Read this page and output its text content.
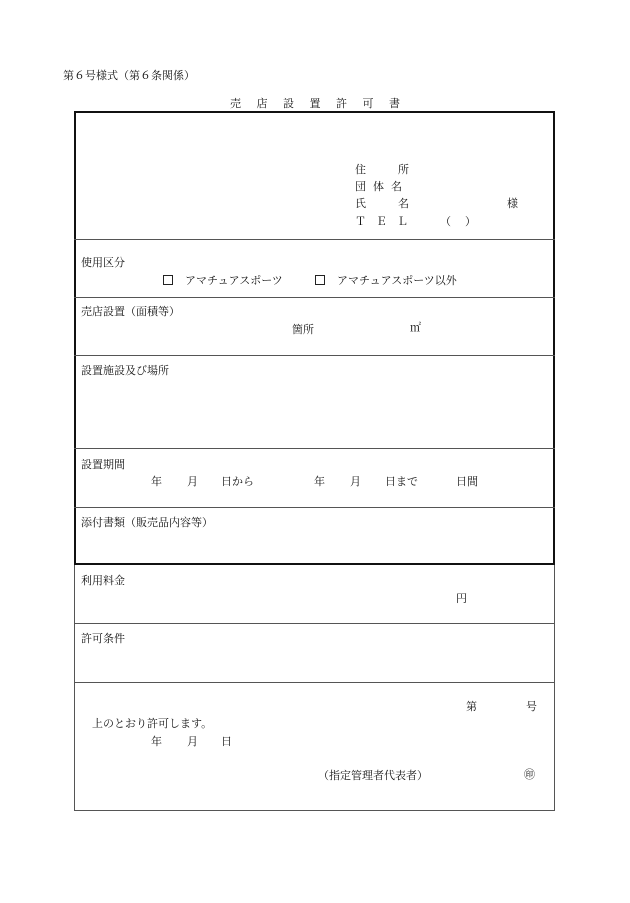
第６号様式（第６条関係）
売 店 設 置 許 可 書
住	所
団 体 名
氏	名	様
Ｔ Ｅ Ｌ	（ ）
使用区分
アマチュアスポーツ	アマチュアスポーツ以外
売店設置（面積等）
箇所	㎡
設置施設及び場所
設置期間
年 月 日から	年 月 日まで	日間
添付書類（販売品内容等）
利用料金
円
許可条件
第	号
上のとおり許可します。
年 月 日
（指定管理者代表者）	㊞
